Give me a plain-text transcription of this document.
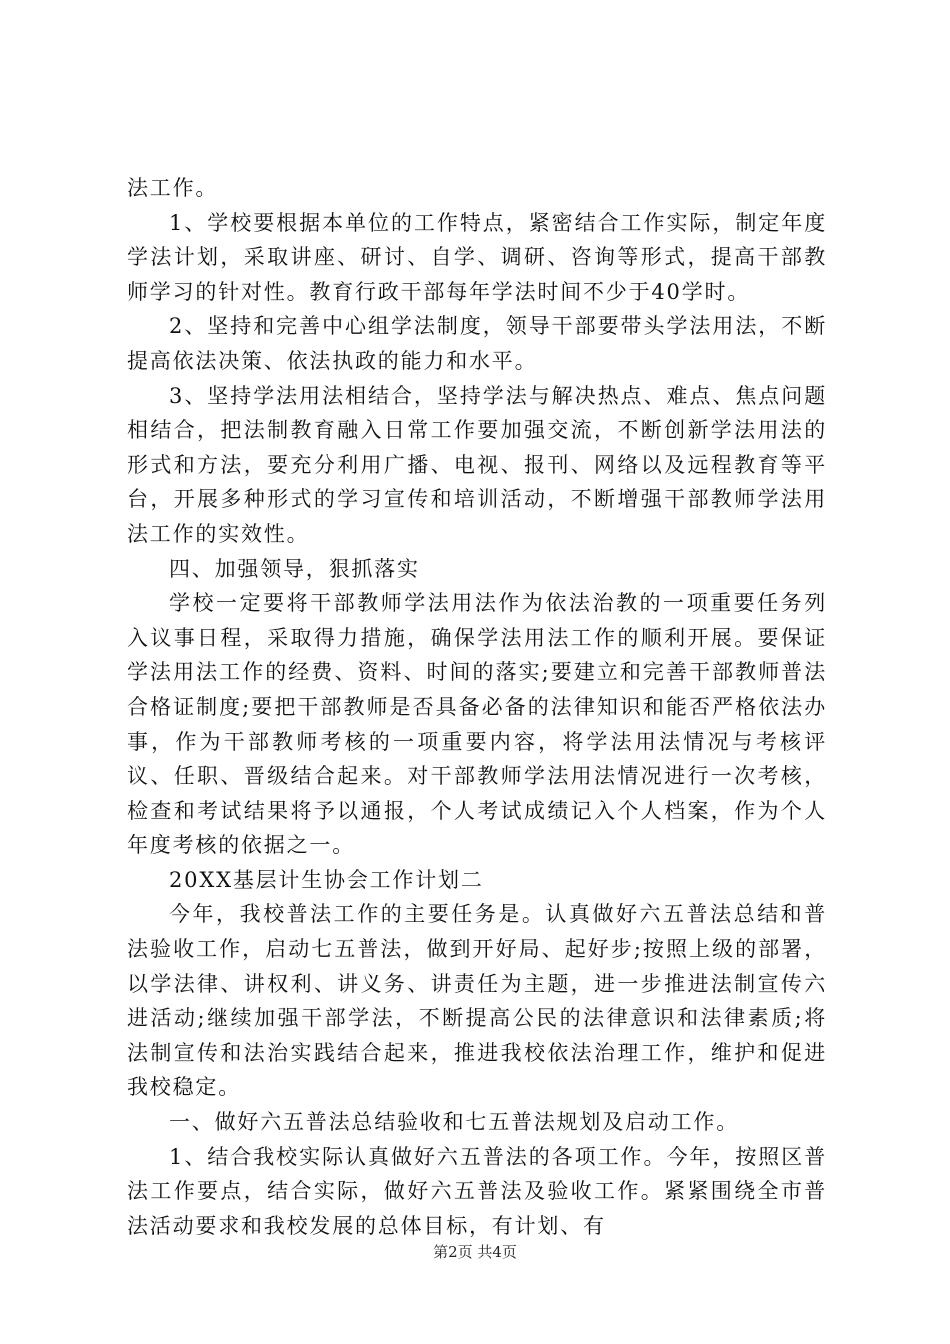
法工作。

1、学校要根据本单位的工作特点，紧密结合工作实际，制定年度学法计划，采取讲座、研讨、自学、调研、咨询等形式，提高干部教师学习的针对性。教育行政干部每年学法时间不少于40学时。

2、坚持和完善中心组学法制度，领导干部要带头学法用法，不断提高依法决策、依法执政的能力和水平。

3、坚持学法用法相结合，坚持学法与解决热点、难点、焦点问题相结合，把法制教育融入日常工作要加强交流，不断创新学法用法的形式和方法，要充分利用广播、电视、报刊、网络以及远程教育等平台，开展多种形式的学习宣传和培训活动，不断增强干部教师学法用法工作的实效性。

四、加强领导，狠抓落实

学校一定要将干部教师学法用法作为依法治教的一项重要任务列入议事日程，采取得力措施，确保学法用法工作的顺利开展。要保证学法用法工作的经费、资料、时间的落实;要建立和完善干部教师普法合格证制度;要把干部教师是否具备必备的法律知识和能否严格依法办事，作为干部教师考核的一项重要内容，将学法用法情况与考核评议、任职、晋级结合起来。对干部教师学法用法情况进行一次考核，检查和考试结果将予以通报，个人考试成绩记入个人档案，作为个人年度考核的依据之一。

20XX基层计生协会工作计划二

今年，我校普法工作的主要任务是。认真做好六五普法总结和普法验收工作，启动七五普法，做到开好局、起好步;按照上级的部署，以学法律、讲权利、讲义务、讲责任为主题，进一步推进法制宣传六进活动;继续加强干部学法，不断提高公民的法律意识和法律素质;将法制宣传和法治实践结合起来，推进我校依法治理工作，维护和促进我校稳定。

一、做好六五普法总结验收和七五普法规划及启动工作。

1、结合我校实际认真做好六五普法的各项工作。今年，按照区普法工作要点，结合实际，做好六五普法及验收工作。紧紧围绕全市普法活动要求和我校发展的总体目标，有计划、有

第2页 共4页
